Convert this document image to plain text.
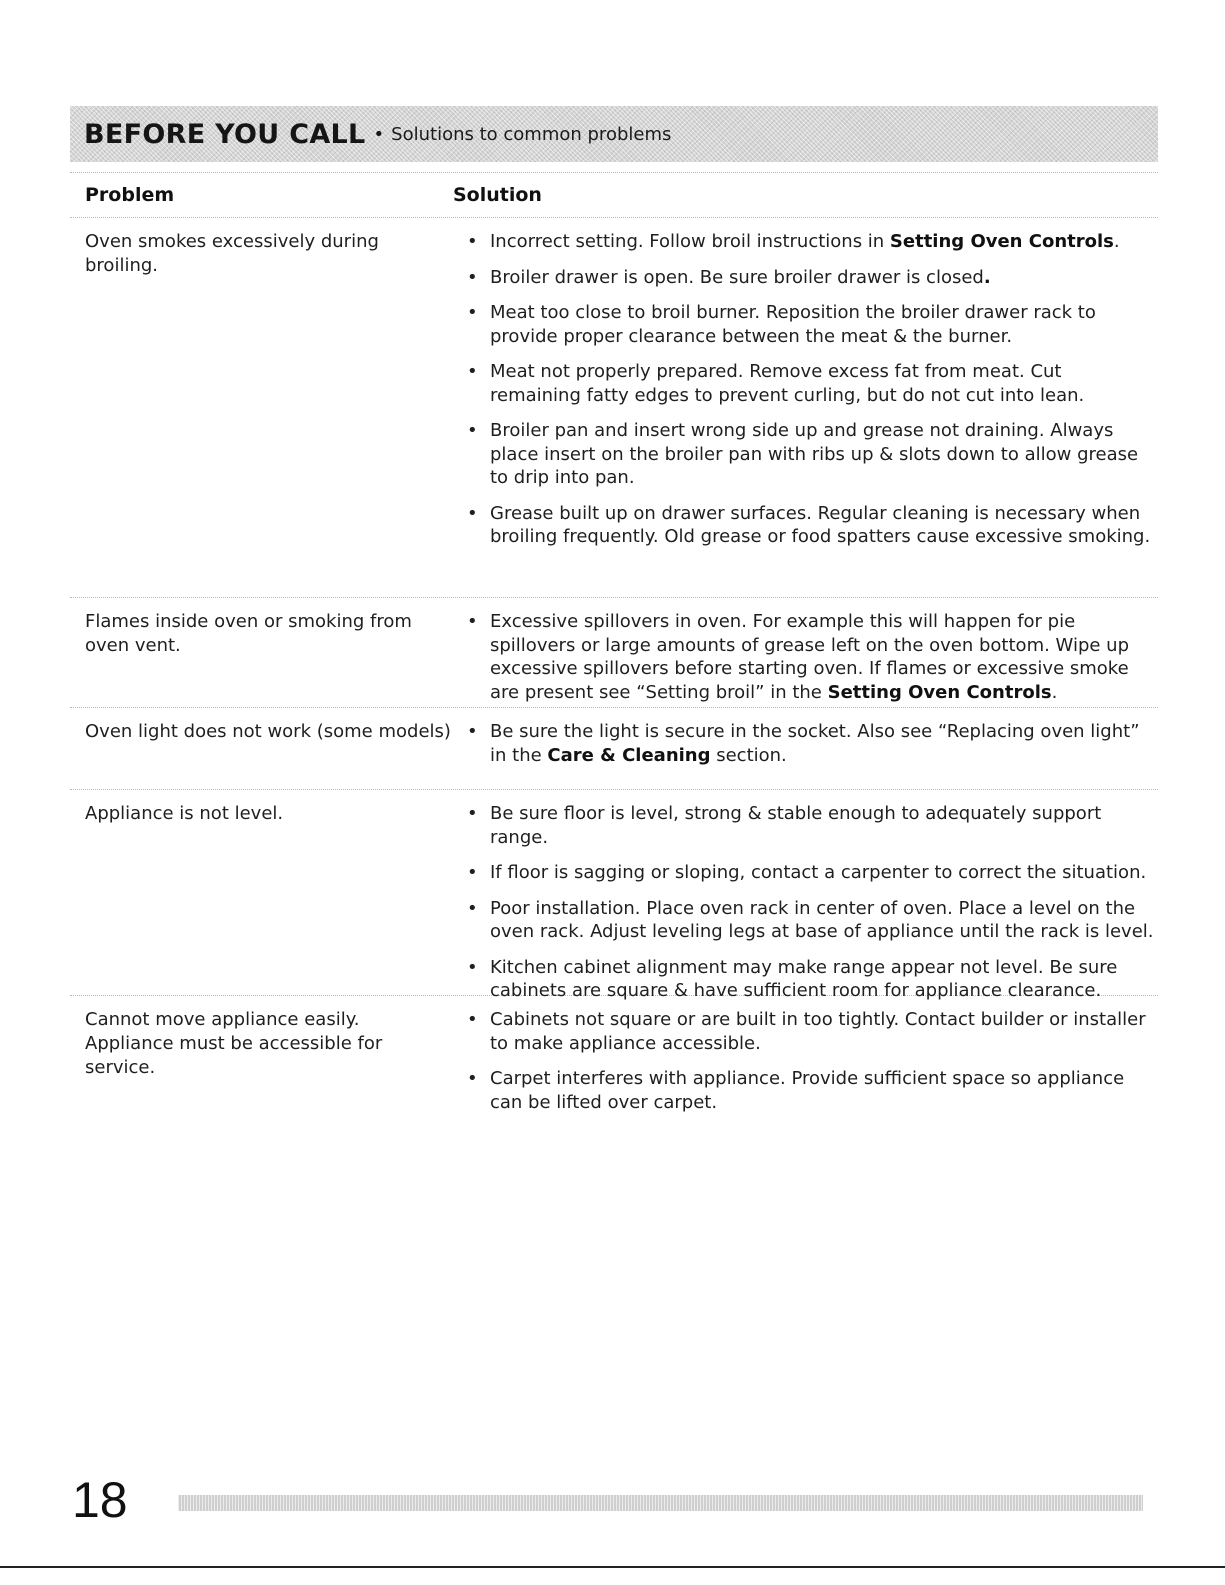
BEFORE YOU CALL • Solutions to common problems
Problem	Solution
Oven smokes excessively during broiling.
• Incorrect setting. Follow broil instructions in Setting Oven Controls.
• Broiler drawer is open. Be sure broiler drawer is closed.
• Meat too close to broil burner. Reposition the broiler drawer rack to provide proper clearance between the meat & the burner.
• Meat not properly prepared. Remove excess fat from meat. Cut remaining fatty edges to prevent curling, but do not cut into lean.
• Broiler pan and insert wrong side up and grease not draining. Always place insert on the broiler pan with ribs up & slots down to allow grease to drip into pan.
• Grease built up on drawer surfaces. Regular cleaning is necessary when broiling frequently. Old grease or food spatters cause excessive smoking.
Flames inside oven or smoking from oven vent.
• Excessive spillovers in oven. For example this will happen for pie spillovers or large amounts of grease left on the oven bottom. Wipe up excessive spillovers before starting oven. If flames or excessive smoke are present see “Setting broil” in the Setting Oven Controls.
Oven light does not work (some models) • Be sure the light is secure in the socket. Also see “Replacing oven light” in the Care & Cleaning section.
Appliance is not level.	• Be sure floor is level, strong & stable enough to adequately support range.
• If floor is sagging or sloping, contact a carpenter to correct the situation.
• Poor installation. Place oven rack in center of oven. Place a level on the oven rack. Adjust leveling legs at base of appliance until the rack is level.
• Kitchen cabinet alignment may make range appear not level. Be sure cabinets are square & have sufficient room for appliance clearance.
Cannot move appliance easily. Appliance must be accessible for service.
• Cabinets not square or are built in too tightly. Contact builder or installer to make appliance accessible.
• Carpet interferes with appliance. Provide sufficient space so appliance can be lifted over carpet.
18
